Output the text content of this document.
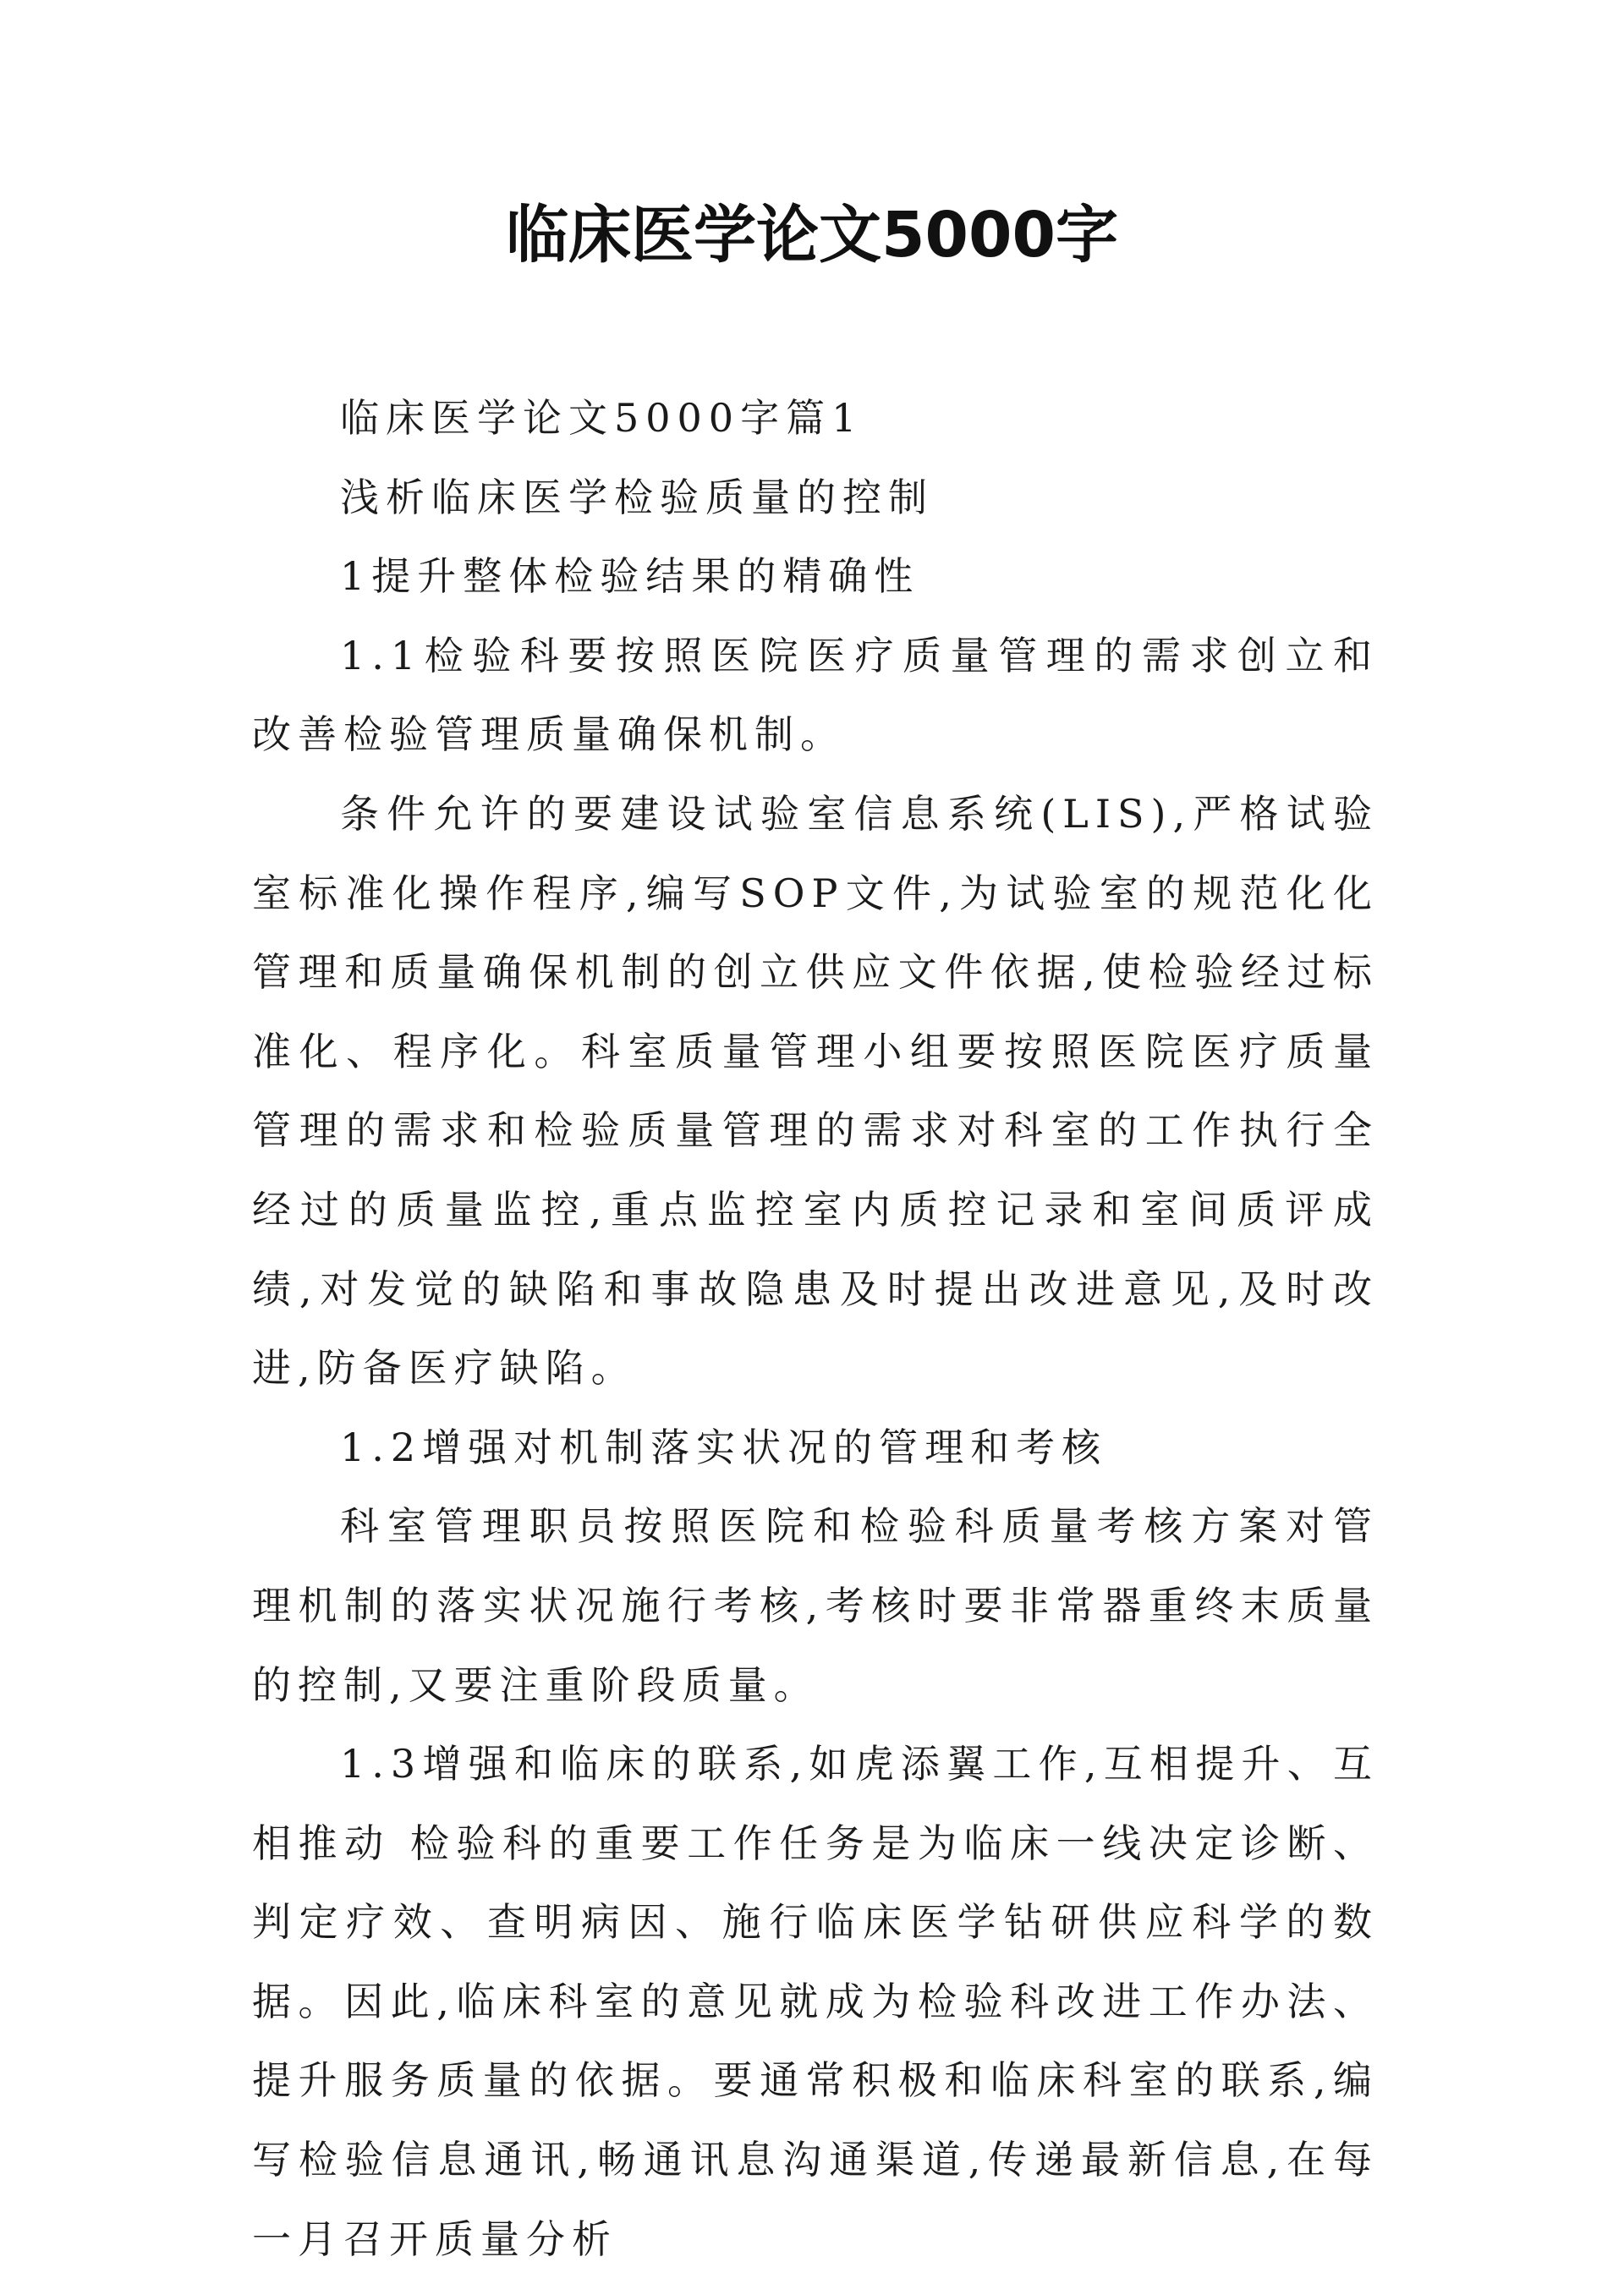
临床医学论文5000字

临床医学论文5000字篇1

浅析临床医学检验质量的控制

1提升整体检验结果的精确性

1.1检验科要按照医院医疗质量管理的需求创立和改善检验管理质量确保机制。

条件允许的要建设试验室信息系统(LIS),严格试验室标准化操作程序,编写SOP文件,为试验室的规范化化管理和质量确保机制的创立供应文件依据,使检验经过标准化、程序化。科室质量管理小组要按照医院医疗质量管理的需求和检验质量管理的需求对科室的工作执行全经过的质量监控,重点监控室内质控记录和室间质评成绩,对发觉的缺陷和事故隐患及时提出改进意见,及时改进,防备医疗缺陷。

1.2增强对机制落实状况的管理和考核

科室管理职员按照医院和检验科质量考核方案对管理机制的落实状况施行考核,考核时要非常器重终末质量的控制,又要注重阶段质量。

1.3增强和临床的联系,如虎添翼工作,互相提升、互相推动 检验科的重要工作任务是为临床一线决定诊断、判定疗效、查明病因、施行临床医学钻研供应科学的数据。因此,临床科室的意见就成为检验科改进工作办法、提升服务质量的依据。要通常积极和临床科室的联系,编写检验信息通讯,畅通讯息沟通渠道,传递最新信息,在每一月召开质量分析
